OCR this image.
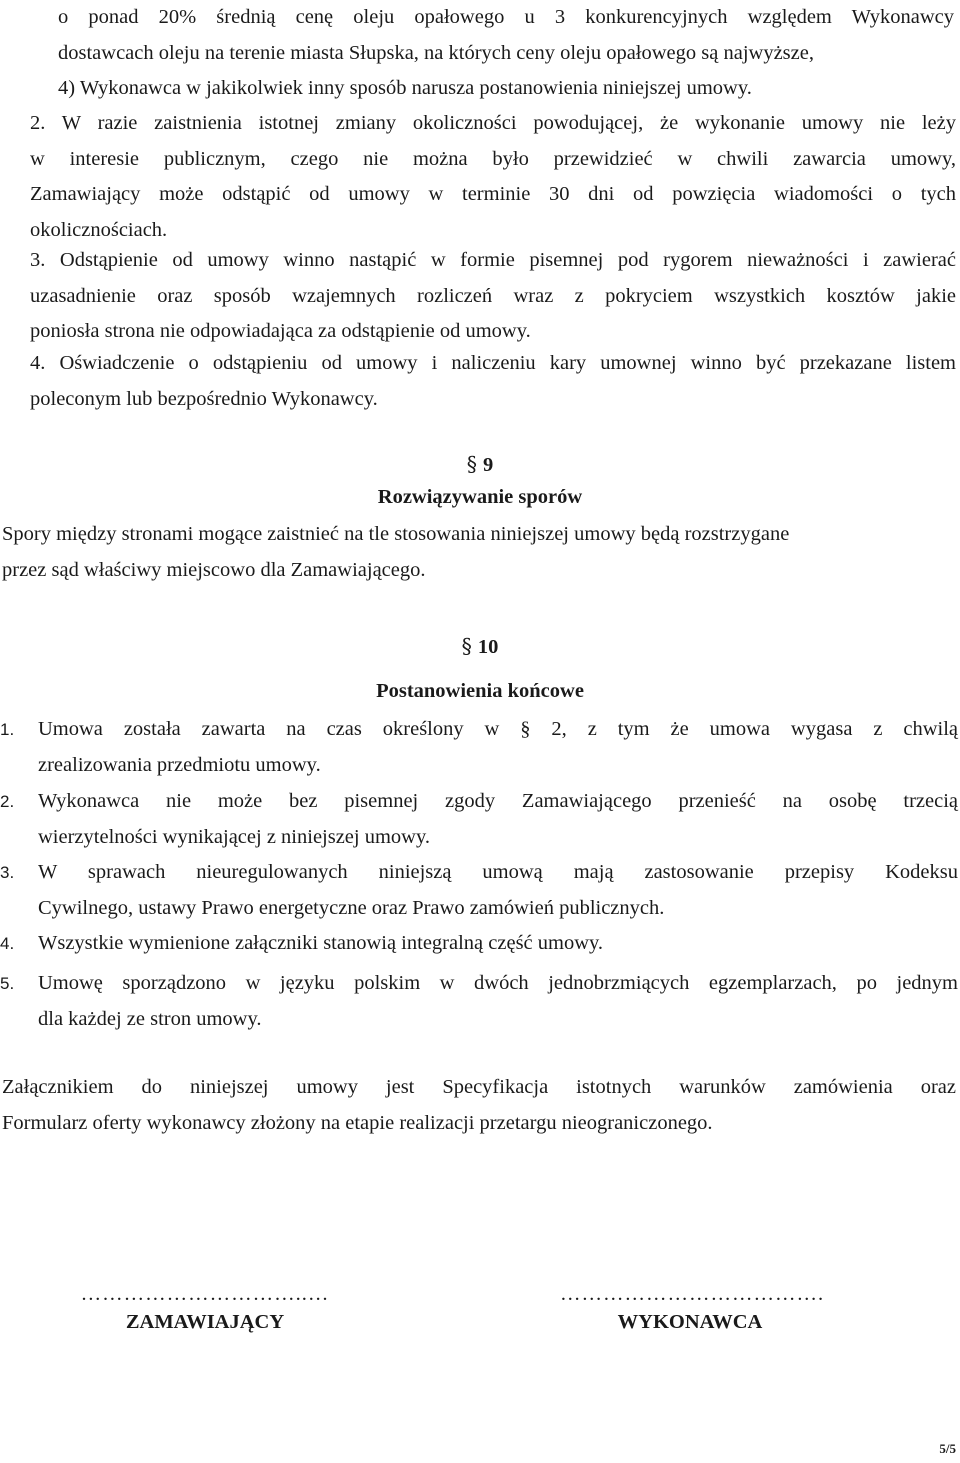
o ponad 20% średnią cenę oleju opałowego u 3 konkurencyjnych względem Wykonawcy
dostawcach oleju na terenie miasta Słupska, na których ceny oleju opałowego są najwyższe,
4) Wykonawca w jakikolwiek inny sposób narusza postanowienia niniejszej umowy.
2. W razie zaistnienia istotnej zmiany okoliczności powodującej, że wykonanie umowy nie leży
w interesie publicznym, czego nie można było przewidzieć w chwili zawarcia umowy,
Zamawiający może odstąpić od umowy w terminie 30 dni od powzięcia wiadomości o tych
okolicznościach.
3. Odstąpienie od umowy winno nastąpić w formie pisemnej pod rygorem nieważności i zawierać
uzasadnienie oraz sposób wzajemnych rozliczeń wraz z pokryciem wszystkich kosztów jakie
poniosła strona nie odpowiadająca za odstąpienie od umowy.
4. Oświadczenie o odstąpieniu od umowy i naliczeniu kary umownej winno być przekazane listem
poleconym lub bezpośrednio Wykonawcy.
§ 9
Rozwiązywanie sporów
Spory między stronami mogące zaistnieć na tle stosowania niniejszej umowy będą rozstrzygane
przez sąd właściwy miejscowo dla Zamawiającego.
§ 10
Postanowienia końcowe
1.	Umowa została zawarta na czas określony w § 2, z tym że umowa wygasa z chwilą
zrealizowania przedmiotu umowy.
2.	Wykonawca nie może bez pisemnej zgody Zamawiającego przenieść na osobę trzecią
wierzytelności wynikającej z niniejszej umowy.
3.	W sprawach nieuregulowanych niniejszą umową mają zastosowanie przepisy Kodeksu
Cywilnego, ustawy Prawo energetyczne oraz Prawo zamówień publicznych.
4.	Wszystkie wymienione załączniki stanowią integralną część umowy.
5.	Umowę sporządzono w języku polskim w dwóch jednobrzmiących egzemplarzach, po jednym
dla każdej ze stron umowy.
Załącznikiem do niniejszej umowy jest Specyfikacja istotnych warunków zamówienia oraz
Formularz oferty wykonawcy złożony na etapie realizacji przetargu nieograniczonego.
…………………………..…
ZAMAWIAJĄCY
……………………………….
WYKONAWCA
5/5
